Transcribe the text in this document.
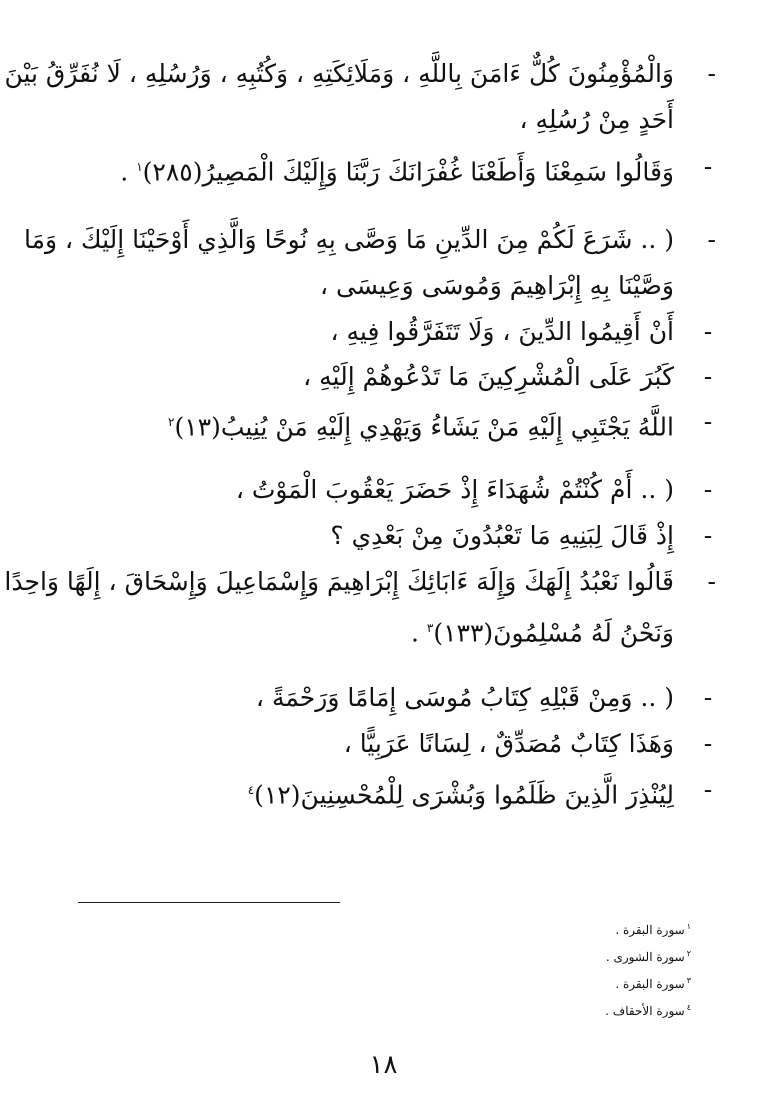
-
وَالْمُؤْمِنُونَ كُلٌّ ءَامَنَ بِاللَّهِ ، وَمَلَائِكَتِهِ ، وَكُتُبِهِ ، وَرُسُلِهِ ، لَا نُفَرِّقُ بَيْنَ
أَحَدٍ مِنْ رُسُلِهِ ،
-
وَقَالُوا سَمِعْنَا وَأَطَعْنَا غُفْرَانَكَ رَبَّنَا وَإِلَيْكَ الْمَصِيرُ(٢٨٥)$^١$ .
-
( .. شَرَعَ لَكُمْ مِنَ الدِّينِ مَا وَصَّى بِهِ نُوحًا وَالَّذِي أَوْحَيْنَا إِلَيْكَ ، وَمَا
وَصَّيْنَا بِهِ إِبْرَاهِيمَ وَمُوسَى وَعِيسَى ،
-
أَنْ أَقِيمُوا الدِّينَ ، وَلَا تَتَفَرَّقُوا فِيهِ ،
-
كَبُرَ عَلَى الْمُشْرِكِينَ مَا تَدْعُوهُمْ إِلَيْهِ ،
-
اللَّهُ يَجْتَبِي إِلَيْهِ مَنْ يَشَاءُ وَيَهْدِي إِلَيْهِ مَنْ يُنِيبُ(١٣)$^٢$
-
( .. أَمْ كُنْتُمْ شُهَدَاءَ إِذْ حَضَرَ يَعْقُوبَ الْمَوْتُ ،
-
إِذْ قَالَ لِبَنِيهِ مَا تَعْبُدُونَ مِنْ بَعْدِي ؟
-
قَالُوا نَعْبُدُ إِلَهَكَ وَإِلَهَ ءَابَائِكَ إِبْرَاهِيمَ وَإِسْمَاعِيلَ وَإِسْحَاقَ ، إِلَهًا وَاحِدًا
وَنَحْنُ لَهُ مُسْلِمُونَ(١٣٣)$^٣$ .
-
( .. وَمِنْ قَبْلِهِ كِتَابُ مُوسَى إِمَامًا وَرَحْمَةً ،
-
وَهَذَا كِتَابٌ مُصَدِّقٌ ، لِسَانًا عَرَبِيًّا ،
-
لِيُنْذِرَ الَّذِينَ ظَلَمُوا وَبُشْرَى لِلْمُحْسِنِينَ(١٢)$^٤$
$^١$سورة البقرة .
$^٢$سورة الشورى .
$^٣$سورة البقرة .
$^٤$سورة الأحقاف .
١٨
